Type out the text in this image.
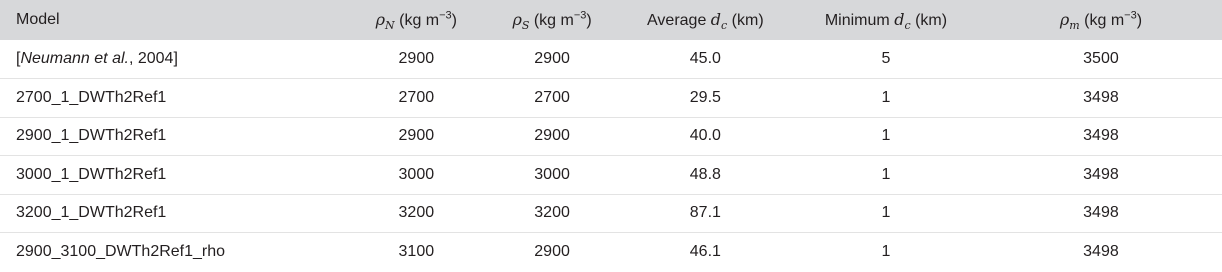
Model	$\rho_N$ (kg $m^{-3}$)	$\rho_S$ (kg $m^{-3}$)	Average $d_c$ (km)	Minimum $d_c$ (km)	$\rho_m$ (kg $m^{-3}$)
[Neumann et al., 2004]	2900	2900	45.0	5	3500
2700_1_DWTh2Ref1	2700	2700	29.5	1	3498
2900_1_DWTh2Ref1	2900	2900	40.0	1	3498
3000_1_DWTh2Ref1	3000	3000	48.8	1	3498
3200_1_DWTh2Ref1	3200	3200	87.1	1	3498
2900_3100_DWTh2Ref1_rho	3100	2900	46.1	1	3498
